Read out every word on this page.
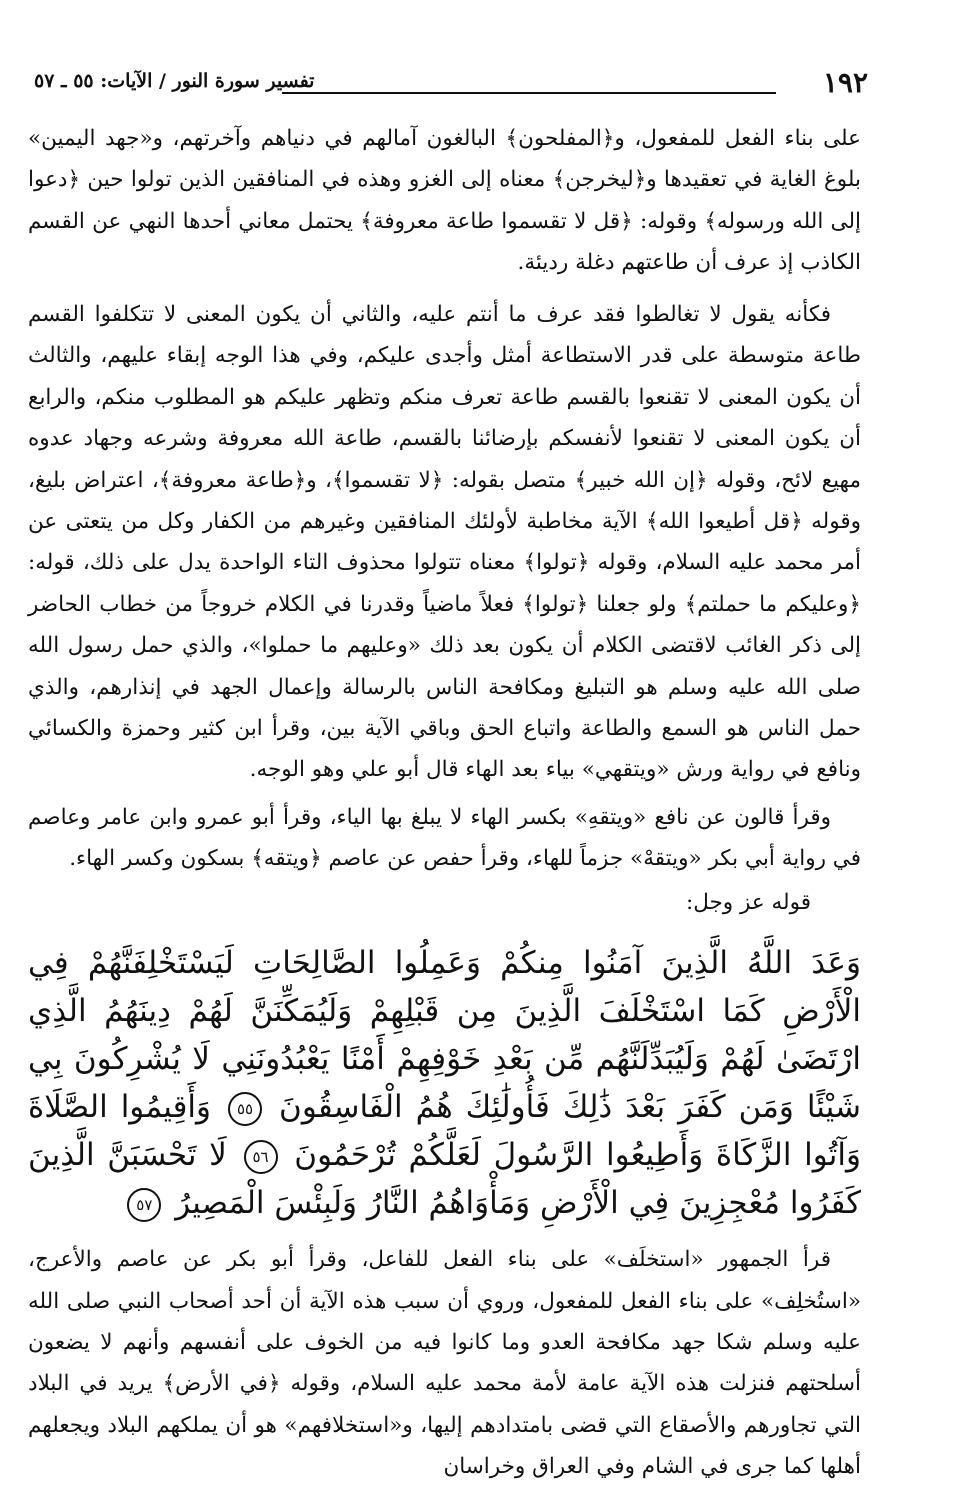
١٩٢
تفسير سورة النور / الآيات: ٥٥ ـ ٥٧

على بناء الفعل للمفعول، و﴿المفلحون﴾ البالغون آمالهم في دنياهم وآخرتهم، و«جهد اليمين» بلوغ الغاية في تعقيدها و﴿ليخرجن﴾ معناه إلى الغزو وهذه في المنافقين الذين تولوا حين ﴿دعوا إلى الله ورسوله﴾ وقوله: ﴿قل لا تقسموا طاعة معروفة﴾ يحتمل معاني أحدها النهي عن القسم الكاذب إذ عرف أن طاعتهم دغلة رديئة.

فكأنه يقول لا تغالطوا فقد عرف ما أنتم عليه، والثاني أن يكون المعنى لا تتكلفوا القسم طاعة متوسطة على قدر الاستطاعة أمثل وأجدى عليكم، وفي هذا الوجه إبقاء عليهم، والثالث أن يكون المعنى لا تقنعوا بالقسم طاعة تعرف منكم وتظهر عليكم هو المطلوب منكم، والرابع أن يكون المعنى لا تقنعوا لأنفسكم بإرضائنا بالقسم، طاعة الله معروفة وشرعه وجهاد عدوه مهيع لائح، وقوله ﴿إن الله خبير﴾ متصل بقوله: ﴿لا تقسموا﴾، و﴿طاعة معروفة﴾، اعتراض بليغ، وقوله ﴿قل أطيعوا الله﴾ الآية مخاطبة لأولئك المنافقين وغيرهم من الكفار وكل من يتعتى عن أمر محمد عليه السلام، وقوله ﴿تولوا﴾ معناه تتولوا محذوف التاء الواحدة يدل على ذلك، قوله: ﴿وعليكم ما حملتم﴾ ولو جعلنا ﴿تولوا﴾ فعلاً ماضياً وقدرنا في الكلام خروجاً من خطاب الحاضر إلى ذكر الغائب لاقتضى الكلام أن يكون بعد ذلك «وعليهم ما حملوا»، والذي حمل رسول الله صلى الله عليه وسلم هو التبليغ ومكافحة الناس بالرسالة وإعمال الجهد في إنذارهم، والذي حمل الناس هو السمع والطاعة واتباع الحق وباقي الآية بين، وقرأ ابن كثير وحمزة والكسائي ونافع في رواية ورش «ويتقهي» بياء بعد الهاء قال أبو علي وهو الوجه.

وقرأ قالون عن نافع «ويتقهِ» بكسر الهاء لا يبلغ بها الياء، وقرأ أبو عمرو وابن عامر وعاصم في رواية أبي بكر «ويتقهْ» جزماً للهاء، وقرأ حفص عن عاصم ﴿ويتقه﴾ بسكون وكسر الهاء.

قوله عز وجل:

وَعَدَ اللَّهُ الَّذِينَ آمَنُوا مِنكُمْ وَعَمِلُوا الصَّالِحَاتِ لَيَسْتَخْلِفَنَّهُمْ فِي الْأَرْضِ كَمَا اسْتَخْلَفَ الَّذِينَ مِن قَبْلِهِمْ وَلَيُمَكِّنَنَّ لَهُمْ دِينَهُمُ الَّذِي ارْتَضَىٰ لَهُمْ وَلَيُبَدِّلَنَّهُم مِّن بَعْدِ خَوْفِهِمْ أَمْنًا يَعْبُدُونَنِي لَا يُشْرِكُونَ بِي شَيْئًا وَمَن كَفَرَ بَعْدَ ذَٰلِكَ فَأُولَٰئِكَ هُمُ الْفَاسِقُونَ ٥٥ وَأَقِيمُوا الصَّلَاةَ وَآتُوا الزَّكَاةَ وَأَطِيعُوا الرَّسُولَ لَعَلَّكُمْ تُرْحَمُونَ ٥٦ لَا تَحْسَبَنَّ الَّذِينَ كَفَرُوا مُعْجِزِينَ فِي الْأَرْضِ وَمَأْوَاهُمُ النَّارُ وَلَبِئْسَ الْمَصِيرُ ٥٧

قرأ الجمهور «استخلَف» على بناء الفعل للفاعل، وقرأ أبو بكر عن عاصم والأعرج، «استُخلِف» على بناء الفعل للمفعول، وروي أن سبب هذه الآية أن أحد أصحاب النبي صلى الله عليه وسلم شكا جهد مكافحة العدو وما كانوا فيه من الخوف على أنفسهم وأنهم لا يضعون أسلحتهم فنزلت هذه الآية عامة لأمة محمد عليه السلام، وقوله ﴿في الأرض﴾ يريد في البلاد التي تجاورهم والأصقاع التي قضى بامتدادهم إليها، و«استخلافهم» هو أن يملكهم البلاد ويجعلهم أهلها كما جرى في الشام وفي العراق وخراسان
